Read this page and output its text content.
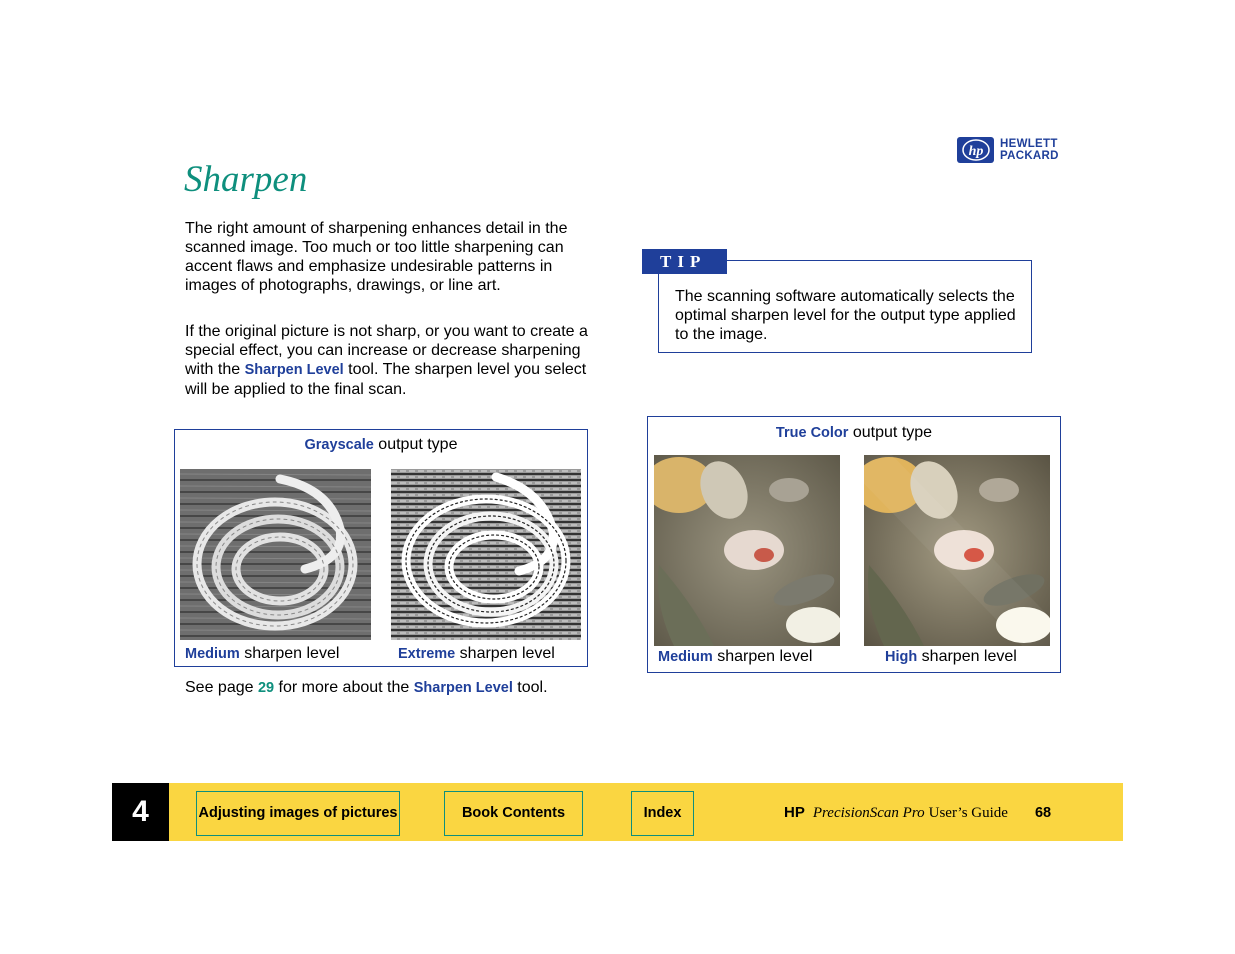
hp HEWLETT
PACKARD
Sharpen
The right amount of sharpening enhances detail in the scanned image. Too much or too little sharpening can accent flaws and emphasize undesirable patterns in images of photographs, drawings, or line art.
If the original picture is not sharp, or you want to create a special effect, you can increase or decrease sharpening with the Sharpen Level tool. The sharpen level you select will be applied to the final scan.
TIP
The scanning software automatically selects the optimal sharpen level for the output type applied to the image.
Grayscale output type
Medium sharpen level	Extreme sharpen level
True Color output type
Medium sharpen level	High sharpen level
See page 29 for more about the Sharpen Level tool.
4	Adjusting images of pictures	Book Contents	Index	HP PrecisionScan Pro User’s Guide 68
